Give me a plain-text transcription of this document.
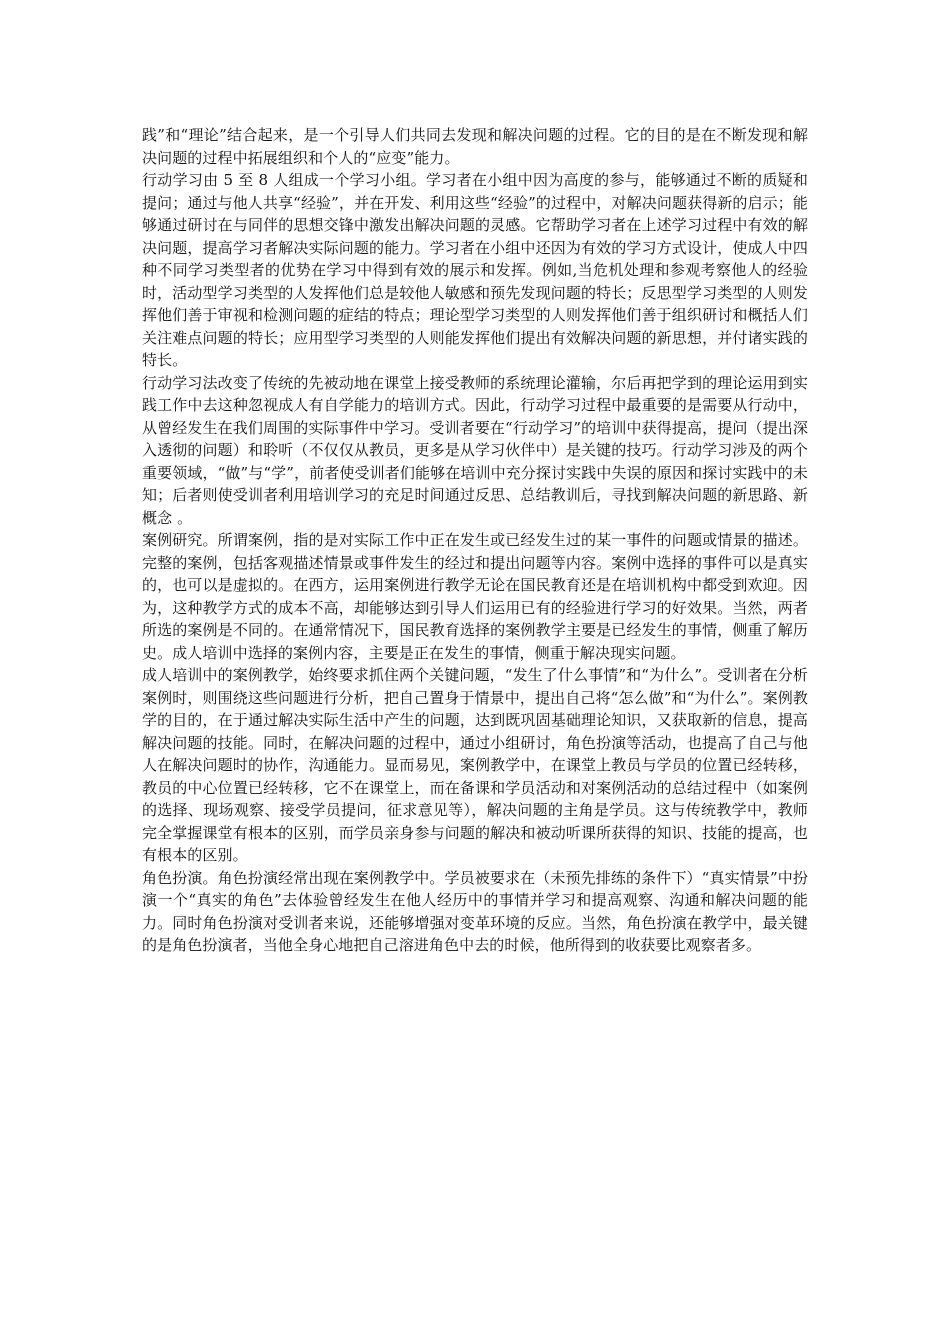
践”和“理论”结合起来，是一个引导人们共同去发现和解决问题的过程。它的目的是在不断发现和解决问题的过程中拓展组织和个人的“应变”能力。

行动学习由 5 至 8 人组成一个学习小组。学习者在小组中因为高度的参与，能够通过不断的质疑和提问；通过与他人共享“经验”，并在开发、利用这些“经验”的过程中，对解决问题获得新的启示；能够通过研讨在与同伴的思想交锋中激发出解决问题的灵感。它帮助学习者在上述学习过程中有效的解决问题，提高学习者解决实际问题的能力。学习者在小组中还因为有效的学习方式设计，使成人中四种不同学习类型者的优势在学习中得到有效的展示和发挥。例如,当危机处理和参观考察他人的经验时，活动型学习类型的人发挥他们总是较他人敏感和预先发现问题的特长；反思型学习类型的人则发挥他们善于审视和检测问题的症结的特点；理论型学习类型的人则发挥他们善于组织研讨和概括人们关注难点问题的特长；应用型学习类型的人则能发挥他们提出有效解决问题的新思想，并付诸实践的特长。

行动学习法改变了传统的先被动地在课堂上接受教师的系统理论灌输，尔后再把学到的理论运用到实践工作中去这种忽视成人有自学能力的培训方式。因此，行动学习过程中最重要的是需要从行动中，从曾经发生在我们周围的实际事件中学习。受训者要在“行动学习”的培训中获得提高，提问（提出深入透彻的问题）和聆听（不仅仅从教员，更多是从学习伙伴中）是关键的技巧。行动学习涉及的两个重要领域，“做”与“学”，前者使受训者们能够在培训中充分探讨实践中失误的原因和探讨实践中的未知；后者则使受训者利用培训学习的充足时间通过反思、总结教训后，寻找到解决问题的新思路、新概念 。

案例研究。所谓案例，指的是对实际工作中正在发生或已经发生过的某一事件的问题或情景的描述。完整的案例，包括客观描述情景或事件发生的经过和提出问题等内容。案例中选择的事件可以是真实的，也可以是虚拟的。在西方，运用案例进行教学无论在国民教育还是在培训机构中都受到欢迎。因为，这种教学方式的成本不高，却能够达到引导人们运用已有的经验进行学习的好效果。当然，两者所选的案例是不同的。在通常情况下，国民教育选择的案例教学主要是已经发生的事情，侧重了解历史。成人培训中选择的案例内容，主要是正在发生的事情，侧重于解决现实问题。

成人培训中的案例教学，始终要求抓住两个关键问题，“发生了什么事情”和“为什么”。受训者在分析案例时，则围绕这些问题进行分析，把自己置身于情景中，提出自己将“怎么做”和“为什么”。案例教学的目的，在于通过解决实际生活中产生的问题，达到既巩固基础理论知识，又获取新的信息，提高解决问题的技能。同时，在解决问题的过程中，通过小组研讨，角色扮演等活动，也提高了自己与他人在解决问题时的协作，沟通能力。显而易见，案例教学中，在课堂上教员与学员的位置已经转移，教员的中心位置已经转移，它不在课堂上，而在备课和学员活动和对案例活动的总结过程中（如案例的选择、现场观察、接受学员提问，征求意见等），解决问题的主角是学员。这与传统教学中，教师完全掌握课堂有根本的区别，而学员亲身参与问题的解决和被动听课所获得的知识、技能的提高，也有根本的区别。

角色扮演。角色扮演经常出现在案例教学中。学员被要求在（未预先排练的条件下）“真实情景”中扮演一个“真实的角色”去体验曾经发生在他人经历中的事情并学习和提高观察、沟通和解决问题的能力。同时角色扮演对受训者来说，还能够增强对变革环境的反应。当然，角色扮演在教学中，最关键的是角色扮演者，当他全身心地把自己溶进角色中去的时候，他所得到的收获要比观察者多。
